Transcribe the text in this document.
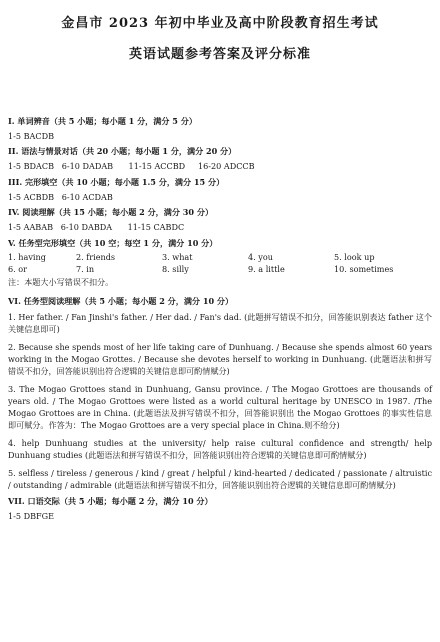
金昌市 2023 年初中毕业及高中阶段教育招生考试
英语试题参考答案及评分标准

I. 单词辨音（共 5 小题；每小题 1 分，满分 5 分）

1-5 BACDB

II. 语法与情景对话（共 20 小题；每小题 1 分，满分 20 分）

1-5 BDACB   6-10 DADAB      11-15 ACCBD     16-20 ADCCB

III. 完形填空（共 10 小题；每小题 1.5 分，满分 15 分）

1-5 ACBDB   6-10 ACDAB

IV. 阅读理解（共 15 小题；每小题 2 分，满分 30 分）

1-5 AABAB   6-10 DABDA      11-15 CABDC

V. 任务型完形填空（共 10 空；每空 1 分，满分 10 分）

1. having	2. friends	3. what	4. you	5. look up
6. or	7. in	8. silly	9. a little	10. sometimes

注：本题大小写错误不扣分。

VI. 任务型阅读理解（共 5 小题；每小题 2 分，满分 10 分）

1. Her father. / Fan Jinshi's father. / Her dad. / Fan's dad. (此题拼写错误不扣分，回答能识别表达 father 这个关键信息即可)

2. Because she spends most of her life taking care of Dunhuang. / Because she spends almost 60 years working in the Mogao Grottes. / Because she devotes herself to working in Dunhuang. (此题语法和拼写错误不扣分，回答能识别出符合逻辑的关键信息即可酌情赋分)

3. The Mogao Grottoes stand in Dunhuang, Gansu province. / The Mogao Grottoes are thousands of years old. / The Mogao Grottoes were listed as a world cultural heritage by UNESCO in 1987. /The Mogao Grottoes are in China. (此题语法及拼写错误不扣分，回答能识别出 the Mogao Grottoes 的事实性信息即可赋分。作答为：The Mogao Grottoes are a very special place in China.则不给分)

4. help Dunhuang studies at the university/ help raise cultural confidence and strength/ help Dunhuang studies (此题语法和拼写错误不扣分，回答能识别出符合逻辑的关键信息即可酌情赋分)

5. selfless / tireless / generous / kind / great / helpful / kind-hearted / dedicated / passionate / altruistic / outstanding / admirable (此题语法和拼写错误不扣分，回答能识别出符合逻辑的关键信息即可酌情赋分)

VII. 口语交际（共 5 小题；每小题 2 分，满分 10 分）

1-5 DBFGE
